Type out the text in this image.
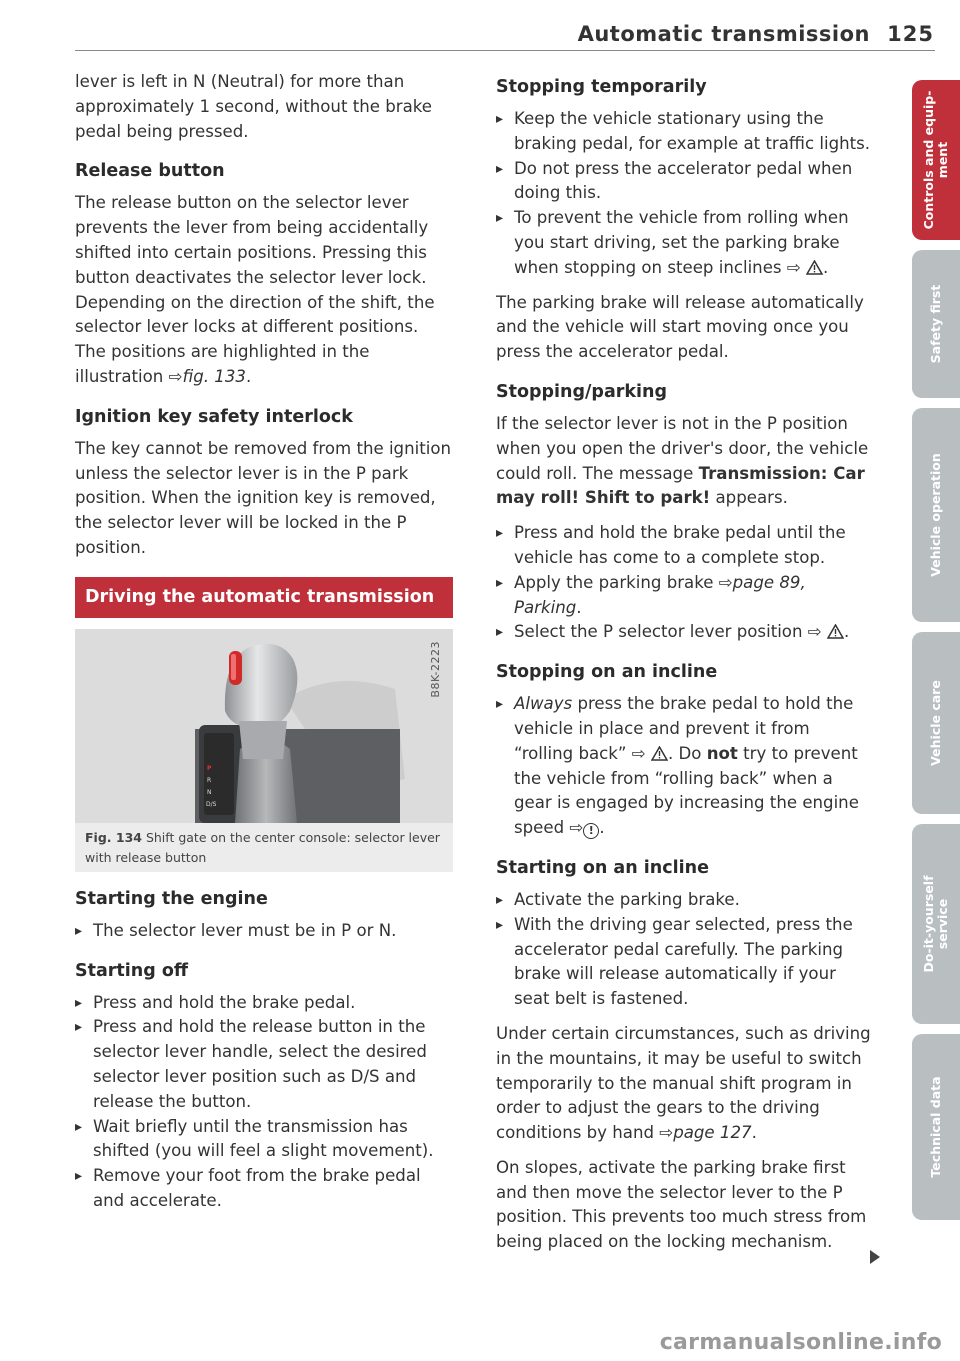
Automatic transmission 125

lever is left in N (Neutral) for more than approximately 1 second, without the brake pedal being pressed.

Release button

The release button on the selector lever prevents the lever from being accidentally shifted into certain positions. Pressing this button deactivates the selector lever lock. Depending on the direction of the shift, the selector lever locks at different positions. The positions are highlighted in the illustration ⇨fig. 133.

Ignition key safety interlock

The key cannot be removed from the ignition unless the selector lever is in the P park position. When the ignition key is removed, the selector lever will be locked in the P position.

Driving the automatic transmission
P
R
N
D/S
B8K-2223
Fig. 134 Shift gate on the center console: selector lever with release button
Starting the engine
▸ The selector lever must be in P or N.
Starting off
▸ Press and hold the brake pedal.
▸ Press and hold the release button in the selector lever handle, select the desired selector lever position such as D/S and release the button.
▸ Wait briefly until the transmission has shifted (you will feel a slight movement).
▸ Remove your foot from the brake pedal and accelerate.
Stopping temporarily
▸ Keep the vehicle stationary using the braking pedal, for example at traffic lights.
▸ Do not press the accelerator pedal when doing this.
▸ To prevent the vehicle from rolling when you start driving, set the parking brake when stopping on steep inclines ⇨ .

The parking brake will release automatically and the vehicle will start moving once you press the accelerator pedal.

Stopping/parking

If the selector lever is not in the P position when you open the driver's door, the vehicle could roll. The message Transmission: Car may roll! Shift to park! appears.

▸ Press and hold the brake pedal until the vehicle has come to a complete stop.
▸ Apply the parking brake ⇨page 89, Parking.
▸ Select the P selector lever position ⇨ .
Stopping on an incline
▸ Always press the brake pedal to hold the vehicle in place and prevent it from “rolling back” ⇨ . Do not try to prevent the vehicle from “rolling back” when a gear is engaged by increasing the engine speed ⇨ ! .
Starting on an incline
▸ Activate the parking brake.
▸ With the driving gear selected, press the accelerator pedal carefully. The parking brake will release automatically if your seat belt is fastened.

Under certain circumstances, such as driving in the mountains, it may be useful to switch temporarily to the manual shift program in order to adjust the gears to the driving conditions by hand ⇨page 127.

On slopes, activate the parking brake first and then move the selector lever to the P position. This prevents too much stress from being placed on the locking mechanism.

Controls and equip-
ment
Safety first
Vehicle operation
Vehicle care
Do-it-yourself
service
Technical data
carmanualsonline.info
